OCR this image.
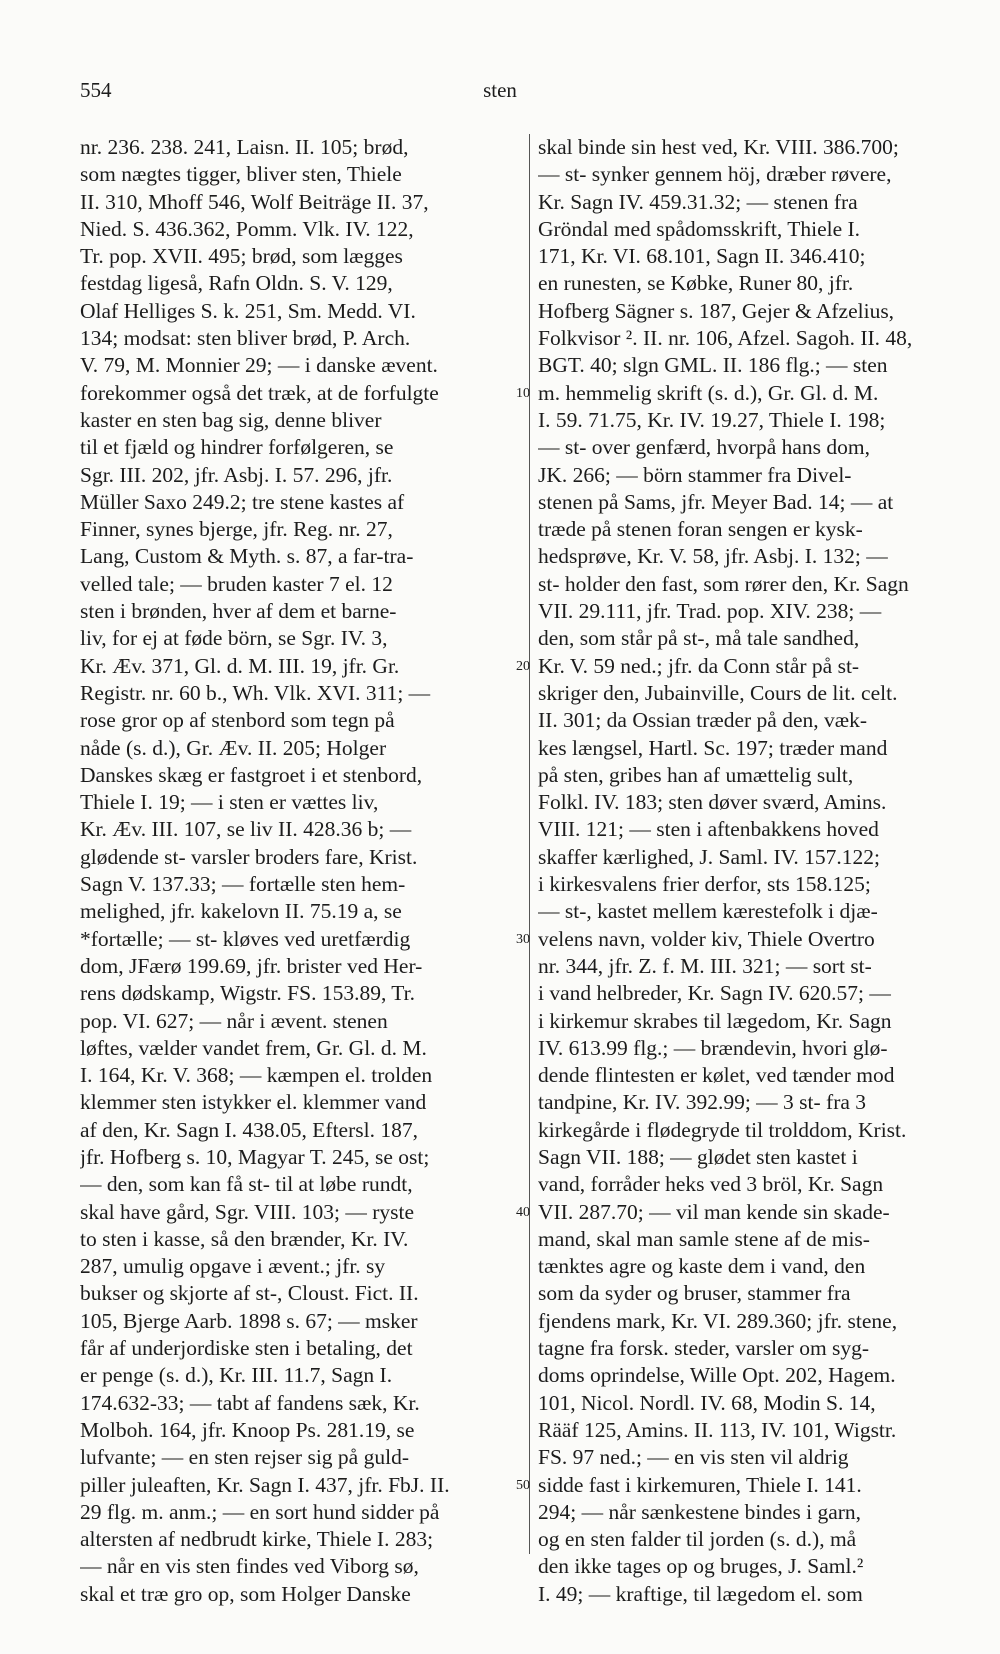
554	sten
nr. 236. 238. 241, Laisn. II. 105; brød,
som nægtes tigger, bliver sten, Thiele
II. 310, Mhoff 546, Wolf Beiträge II. 37,
Nied. S. 436.362, Pomm. Vlk. IV. 122,
Tr. pop. XVII. 495; brød, som lægges
festdag ligeså, Rafn Oldn. S. V. 129,
Olaf Helliges S. k. 251, Sm. Medd. VI.
134; modsat: sten bliver brød, P. Arch.
V. 79, M. Monnier 29; — i danske ævent.
forekommer også det træk, at de forfulgte
kaster en sten bag sig, denne bliver
til et fjæld og hindrer forfølgeren, se
Sgr. III. 202, jfr. Asbj. I. 57. 296, jfr.
Müller Saxo 249.2; tre stene kastes af
Finner, synes bjerge, jfr. Reg. nr. 27,
Lang, Custom & Myth. s. 87, a far-tra-
velled tale; — bruden kaster 7 el. 12
sten i brønden, hver af dem et barne-
liv, for ej at føde börn, se Sgr. IV. 3,
Kr. Æv. 371, Gl. d. M. III. 19, jfr. Gr.
Registr. nr. 60 b., Wh. Vlk. XVI. 311; —
rose gror op af stenbord som tegn på
nåde (s. d.), Gr. Æv. II. 205; Holger
Danskes skæg er fastgroet i et stenbord,
Thiele I. 19; — i sten er vættes liv,
Kr. Æv. III. 107, se liv II. 428.36 b; —
glødende st- varsler broders fare, Krist.
Sagn V. 137.33; — fortælle sten hem-
melighed, jfr. kakelovn II. 75.19 a, se
*fortælle; — st- kløves ved uretfærdig
dom, JFærø 199.69, jfr. brister ved Her-
rens dødskamp, Wigstr. FS. 153.89, Tr.
pop. VI. 627; — når i ævent. stenen
løftes, vælder vandet frem, Gr. Gl. d. M.
I. 164, Kr. V. 368; — kæmpen el. trolden
klemmer sten istykker el. klemmer vand
af den, Kr. Sagn I. 438.05, Eftersl. 187,
jfr. Hofberg s. 10, Magyar T. 245, se ost;
— den, som kan få st- til at løbe rundt,
skal have gård, Sgr. VIII. 103; — ryste
to sten i kasse, så den brænder, Kr. IV.
287, umulig opgave i ævent.; jfr. sy
bukser og skjorte af st-, Cloust. Fict. II.
105, Bjerge Aarb. 1898 s. 67; — msker
får af underjordiske sten i betaling, det
er penge (s. d.), Kr. III. 11.7, Sagn I.
174.632-33; — tabt af fandens sæk, Kr.
Molboh. 164, jfr. Knoop Ps. 281.19, se
lufvante; — en sten rejser sig på guld-
piller juleaften, Kr. Sagn I. 437, jfr. FbJ. II.
29 flg. m. anm.; — en sort hund sidder på
altersten af nedbrudt kirke, Thiele I. 283;
— når en vis sten findes ved Viborg sø,
skal et træ gro op, som Holger Danske
skal binde sin hest ved, Kr. VIII. 386.700;
— st- synker gennem höj, dræber røvere,
Kr. Sagn IV. 459.31.32; — stenen fra
Gröndal med spådomsskrift, Thiele I.
171, Kr. VI. 68.101, Sagn II. 346.410;
en runesten, se Købke, Runer 80, jfr.
Hofberg Sägner s. 187, Gejer & Afzelius,
Folkvisor ². II. nr. 106, Afzel. Sagoh. II. 48,
BGT. 40; slgn GML. II. 186 flg.; — sten
m. hemmelig skrift (s. d.), Gr. Gl. d. M.
I. 59. 71.75, Kr. IV. 19.27, Thiele I. 198;
— st- over genfærd, hvorpå hans dom,
JK. 266; — börn stammer fra Divel-
stenen på Sams, jfr. Meyer Bad. 14; — at
træde på stenen foran sengen er kysk-
hedsprøve, Kr. V. 58, jfr. Asbj. I. 132; —
st- holder den fast, som rører den, Kr. Sagn
VII. 29.111, jfr. Trad. pop. XIV. 238; —
den, som står på st-, må tale sandhed,
Kr. V. 59 ned.; jfr. da Conn står på st-
skriger den, Jubainville, Cours de lit. celt.
II. 301; da Ossian træder på den, væk-
kes længsel, Hartl. Sc. 197; træder mand
på sten, gribes han af umættelig sult,
Folkl. IV. 183; sten døver sværd, Amins.
VIII. 121; — sten i aftenbakkens hoved
skaffer kærlighed, J. Saml. IV. 157.122;
i kirkesvalens frier derfor, sts 158.125;
— st-, kastet mellem kærestefolk i djæ-
velens navn, volder kiv, Thiele Overtro
nr. 344, jfr. Z. f. M. III. 321; — sort st-
i vand helbreder, Kr. Sagn IV. 620.57; —
i kirkemur skrabes til lægedom, Kr. Sagn
IV. 613.99 flg.; — brændevin, hvori glø-
dende flintesten er kølet, ved tænder mod
tandpine, Kr. IV. 392.99; — 3 st- fra 3
kirkegårde i flødegryde til trolddom, Krist.
Sagn VII. 188; — glødet sten kastet i
vand, forråder heks ved 3 bröl, Kr. Sagn
VII. 287.70; — vil man kende sin skade-
mand, skal man samle stene af de mis-
tænktes agre og kaste dem i vand, den
som da syder og bruser, stammer fra
fjendens mark, Kr. VI. 289.360; jfr. stene,
tagne fra forsk. steder, varsler om syg-
doms oprindelse, Wille Opt. 202, Hagem.
101, Nicol. Nordl. IV. 68, Modin S. 14,
Rääf 125, Amins. II. 113, IV. 101, Wigstr.
FS. 97 ned.; — en vis sten vil aldrig
sidde fast i kirkemuren, Thiele I. 141.
294; — når sænkestene bindes i garn,
og en sten falder til jorden (s. d.), må
den ikke tages op og bruges, J. Saml.²
I. 49; — kraftige, til lægedom el. som
10
20
30
40
50
